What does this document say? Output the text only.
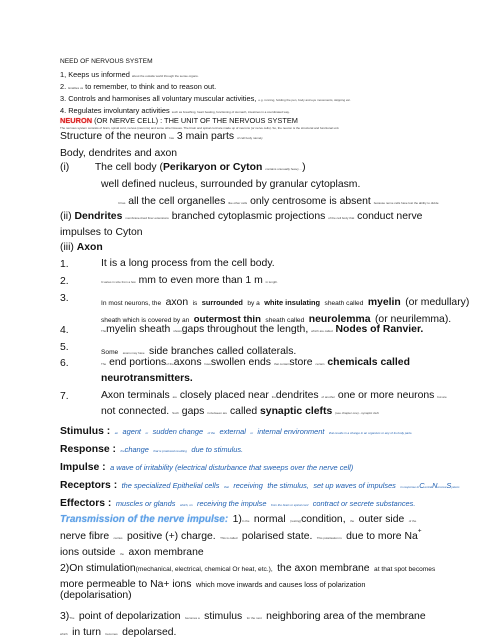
NEED OF NERVOUS SYSTEM
1, Keeps us informed about the outside world through the sense organs.
2. Enables us to remember, to think and to reason out.
3. Controls and harmonises all voluntary muscular activities, e.g. running, holding the pen, body and eye movements, skipping etc.
4. Regulates involuntary activities such as breathing, heart beating, functioning of stomach, intestines in a coordinated way.
NEURON (OR NERVE CELL) : THE UNIT OF THE NERVOUS SYSTEM
The nervous system consists of brain, spinal cord, nerves (neurons) and some other tissues. The brain and spinal cord are made up of neurons (or nerve cells). So, the neuron is the structural and functional unit.
Structure of the neuron has 3 main parts of cell body namely
Body, dendrites and axon
(i) The cell body (Perikaryon or Cyton contains unusually heavy ...)
well defined nucleus, surrounded by granular cytoplasm.
It has all the cell organelles like other cells only centrosome is absent because nerve cells have lost the ability to divide
(ii) Dendrites membrane-lined finer extensions branched cytoplasmic projections of the cell body that conduct nerve
impulses to Cyton
(iii) Axon
1.	It is a long process from the cell body.
2.	It varies in size from a few mm to even more than 1 m in length.
3.	In most neurons, the axon is surrounded by a white insulating sheath called myelin (or medullary)
sheath which is covered by an outermost thin sheath called neurolemma (or neurilemma).
4.	Themyelin sheath showsgaps throughout the length, which are called Nodes of Ranvier.
5.	Some axons may have side branches called collaterals.
6.	The end portionsof theaxons haveswollen ends that containstore certain chemicals called
neurotransmitters.
7.	Axon terminals are closely placed near thedendrites of another one or more neurons but are
not connected. Such gaps in-between are called synaptic clefts (see chapter one) - synaptic cleft
Stimulus : an agent or sudden change of the external or internal environment that results in a change in an organism or any of its body parts.
Response : thechange that is produced resulting due to stimulus.
Impulse : a wave of irritability (electrical disturbance that sweeps over the nerve cell)
Receptors : the specialized Epithelial cells that receiving the stimulus, set up waves of impulses in response toCentralNervousSystem
Effectors : muscles or glands which, on receiving the impulse from the brain or spinal cord contract or secrete substances.
Transmission of the nerve impulse: 1)In the normal (resting)condition, the outer side of the
nerve fibre carries positive (+) charge. This is called polarised state. This polarisation is due to more Na+
ions outside the axon membrane
2)On stimulation(mechanical, electrical, chemical Or heat, etc.), the axon membrane at that spot becomes
more permeable to Na+ ions which move inwards and causes loss of polarization
(depolarisation)
3)The point of depolarization becomes a stimulus for the next neighboring area of the membrane
which in turn becomes depolarsed.
